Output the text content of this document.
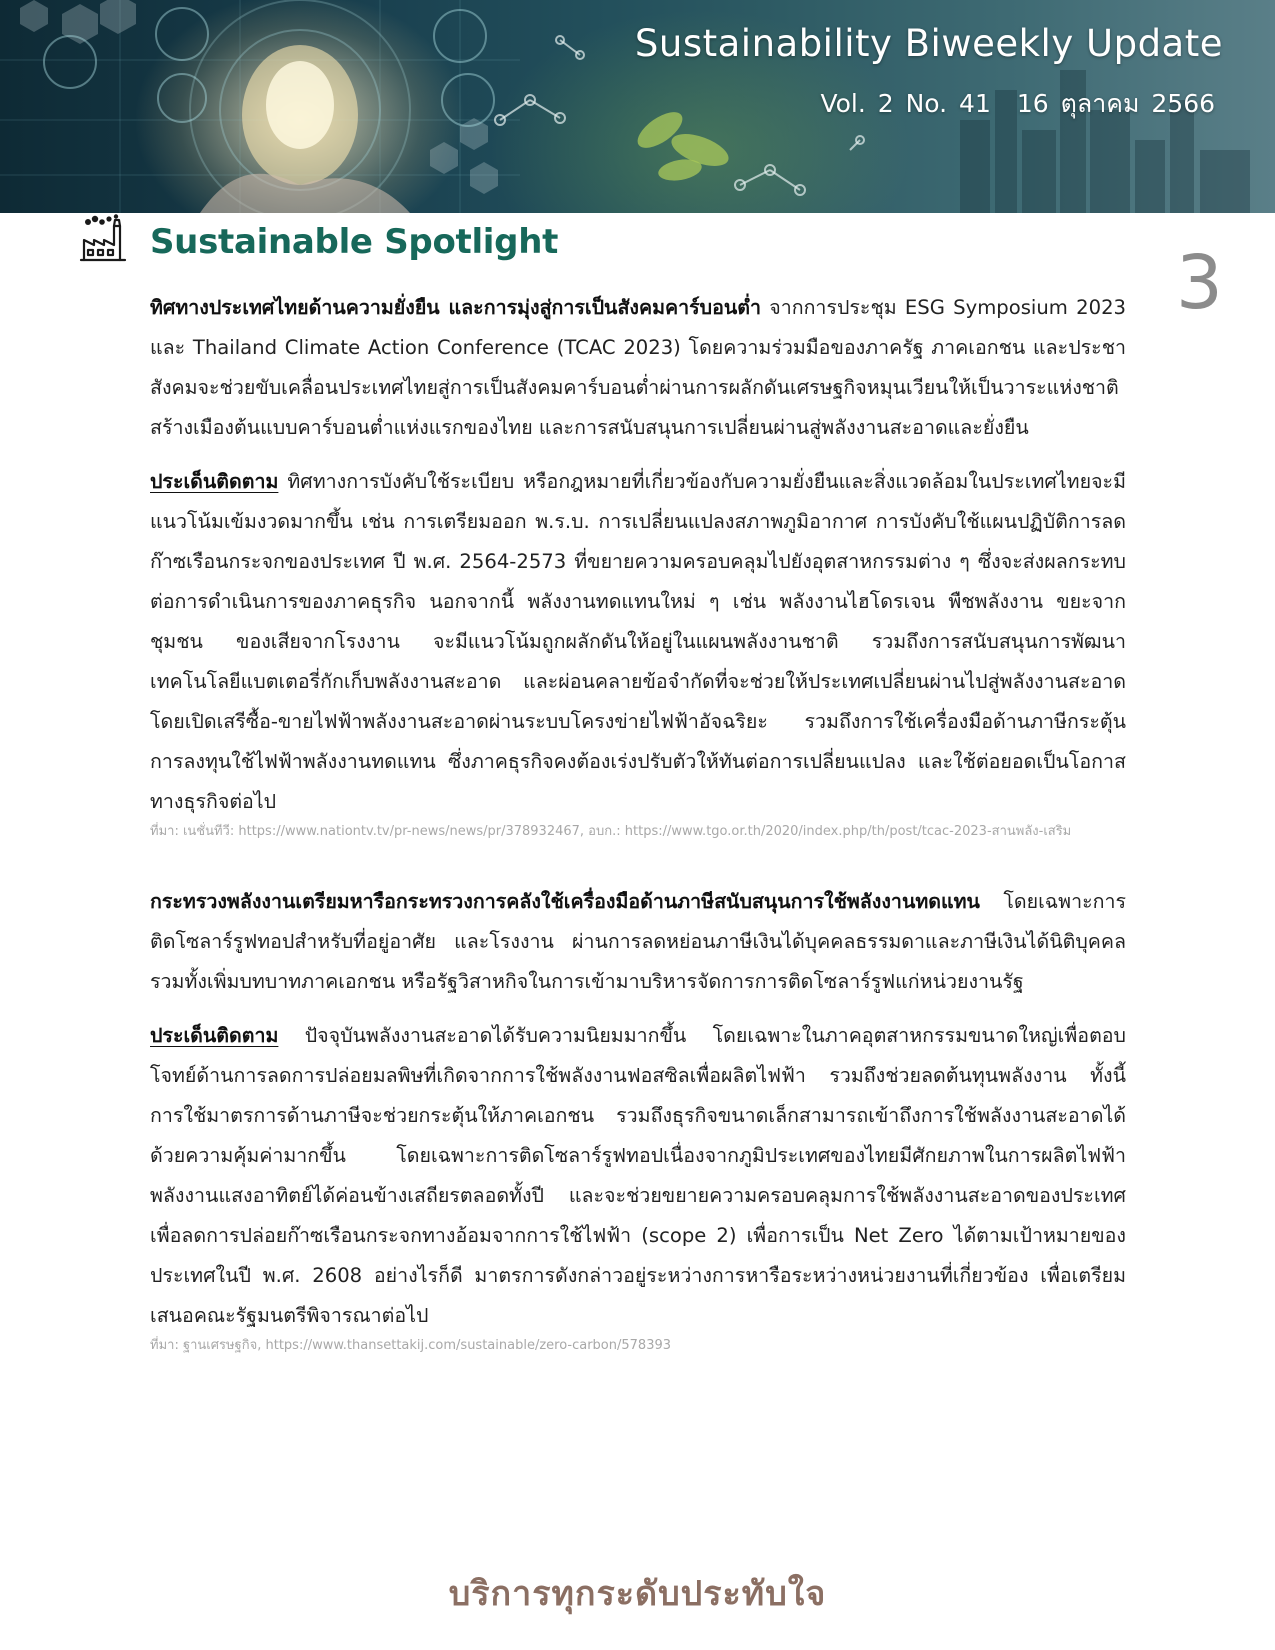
Sustainability Biweekly Update
Vol. 2 No. 41 16 ตุลาคม 2566
Sustainable Spotlight	3

ทิศทางประเทศไทยด้านความยั่งยืน และการมุ่งสู่การเป็นสังคมคาร์บอนต่ำ จากการประชุม ESG Symposium 2023 และ Thailand Climate Action Conference (TCAC 2023) โดยความร่วมมือของภาครัฐ ภาคเอกชน และประชาสังคมจะช่วยขับเคลื่อนประเทศไทยสู่การเป็นสังคมคาร์บอนต่ำผ่านการผลักดันเศรษฐกิจหมุนเวียนให้เป็นวาระแห่งชาติ สร้างเมืองต้นแบบคาร์บอนต่ำแห่งแรกของไทย และการสนับสนุนการเปลี่ยนผ่านสู่พลังงานสะอาดและยั่งยืน

ประเด็นติดตาม ทิศทางการบังคับใช้ระเบียบ หรือกฎหมายที่เกี่ยวข้องกับความยั่งยืนและสิ่งแวดล้อมในประเทศไทยจะมีแนวโน้มเข้มงวดมากขึ้น เช่น การเตรียมออก พ.ร.บ. การเปลี่ยนแปลงสภาพภูมิอากาศ การบังคับใช้แผนปฏิบัติการลดก๊าซเรือนกระจกของประเทศ ปี พ.ศ. 2564-2573 ที่ขยายความครอบคลุมไปยังอุตสาหกรรมต่าง ๆ ซึ่งจะส่งผลกระทบต่อการดำเนินการของภาคธุรกิจ นอกจากนี้ พลังงานทดแทนใหม่ ๆ เช่น พลังงานไฮโดรเจน พืชพลังงาน ขยะจากชุมชน ของเสียจากโรงงาน จะมีแนวโน้มถูกผลักดันให้อยู่ในแผนพลังงานชาติ รวมถึงการสนับสนุนการพัฒนาเทคโนโลยีแบตเตอรี่กักเก็บพลังงานสะอาด และผ่อนคลายข้อจำกัดที่จะช่วยให้ประเทศเปลี่ยนผ่านไปสู่พลังงานสะอาดโดยเปิดเสรีซื้อ-ขายไฟฟ้าพลังงานสะอาดผ่านระบบโครงข่ายไฟฟ้าอัจฉริยะ รวมถึงการใช้เครื่องมือด้านภาษีกระตุ้นการลงทุนใช้ไฟฟ้าพลังงานทดแทน ซึ่งภาคธุรกิจคงต้องเร่งปรับตัวให้ทันต่อการเปลี่ยนแปลง และใช้ต่อยอดเป็นโอกาสทางธุรกิจต่อไป

ที่มา: เนชั่นทีวี: https://www.nationtv.tv/pr-news/news/pr/378932467, อบก.: https://www.tgo.or.th/2020/index.php/th/post/tcac-2023-สานพลัง-เสริม

กระทรวงพลังงานเตรียมหารือกระทรวงการคลังใช้เครื่องมือด้านภาษีสนับสนุนการใช้พลังงานทดแทน โดยเฉพาะการติดโซลาร์รูฟทอปสำหรับที่อยู่อาศัย และโรงงาน ผ่านการลดหย่อนภาษีเงินได้บุคคลธรรมดาและภาษีเงินได้นิติบุคคล รวมทั้งเพิ่มบทบาทภาคเอกชน หรือรัฐวิสาหกิจในการเข้ามาบริหารจัดการการติดโซลาร์รูฟแก่หน่วยงานรัฐ

ประเด็นติดตาม ปัจจุบันพลังงานสะอาดได้รับความนิยมมากขึ้น โดยเฉพาะในภาคอุตสาหกรรมขนาดใหญ่เพื่อตอบโจทย์ด้านการลดการปล่อยมลพิษที่เกิดจากการใช้พลังงานฟอสซิลเพื่อผลิตไฟฟ้า รวมถึงช่วยลดต้นทุนพลังงาน ทั้งนี้ การใช้มาตรการด้านภาษีจะช่วยกระตุ้นให้ภาคเอกชน รวมถึงธุรกิจขนาดเล็กสามารถเข้าถึงการใช้พลังงานสะอาดได้ด้วยความคุ้มค่ามากขึ้น โดยเฉพาะการติดโซลาร์รูฟทอปเนื่องจากภูมิประเทศของไทยมีศักยภาพในการผลิตไฟฟ้าพลังงานแสงอาทิตย์ได้ค่อนข้างเสถียรตลอดทั้งปี และจะช่วยขยายความครอบคลุมการใช้พลังงานสะอาดของประเทศเพื่อลดการปล่อยก๊าซเรือนกระจกทางอ้อมจากการใช้ไฟฟ้า (scope 2) เพื่อการเป็น Net Zero ได้ตามเป้าหมายของประเทศในปี พ.ศ. 2608 อย่างไรก็ดี มาตรการดังกล่าวอยู่ระหว่างการหารือระหว่างหน่วยงานที่เกี่ยวข้อง เพื่อเตรียมเสนอคณะรัฐมนตรีพิจารณาต่อไป

ที่มา: ฐานเศรษฐกิจ, https://www.thansettakij.com/sustainable/zero-carbon/578393

บริการทุกระดับประทับใจ
